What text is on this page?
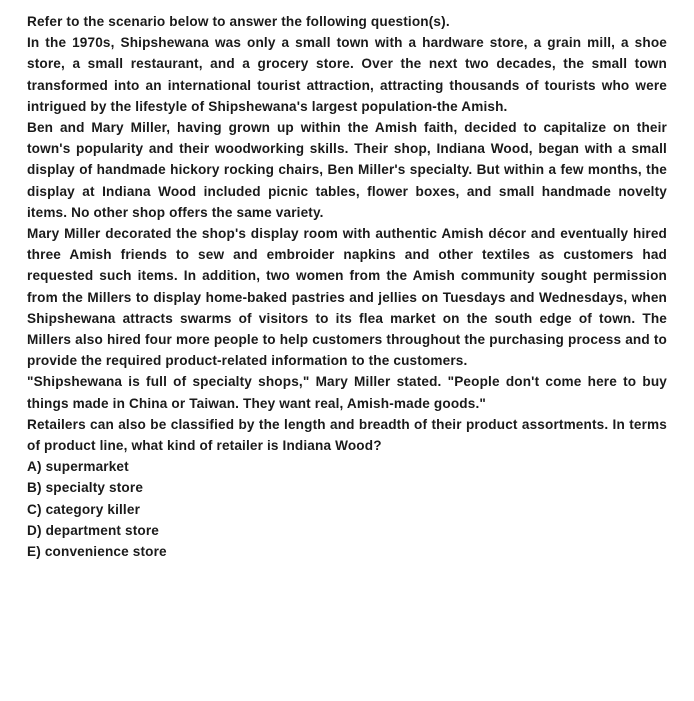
Refer to the scenario below to answer the following question(s).

In the 1970s, Shipshewana was only a small town with a hardware store, a grain mill, a shoe store, a small restaurant, and a grocery store. Over the next two decades, the small town transformed into an international tourist attraction, attracting thousands of tourists who were intrigued by the lifestyle of Shipshewana's largest population-the Amish.

Ben and Mary Miller, having grown up within the Amish faith, decided to capitalize on their town's popularity and their woodworking skills. Their shop, Indiana Wood, began with a small display of handmade hickory rocking chairs, Ben Miller's specialty. But within a few months, the display at Indiana Wood included picnic tables, flower boxes, and small handmade novelty items. No other shop offers the same variety.

Mary Miller decorated the shop's display room with authentic Amish décor and eventually hired three Amish friends to sew and embroider napkins and other textiles as customers had requested such items. In addition, two women from the Amish community sought permission from the Millers to display home-baked pastries and jellies on Tuesdays and Wednesdays, when Shipshewana attracts swarms of visitors to its flea market on the south edge of town. The Millers also hired four more people to help customers throughout the purchasing process and to provide the required product-related information to the customers.

"Shipshewana is full of specialty shops," Mary Miller stated. "People don't come here to buy things made in China or Taiwan. They want real, Amish-made goods."

Retailers can also be classified by the length and breadth of their product assortments. In terms of product line, what kind of retailer is Indiana Wood?

A) supermarket
B) specialty store
C) category killer
D) department store
E) convenience store
